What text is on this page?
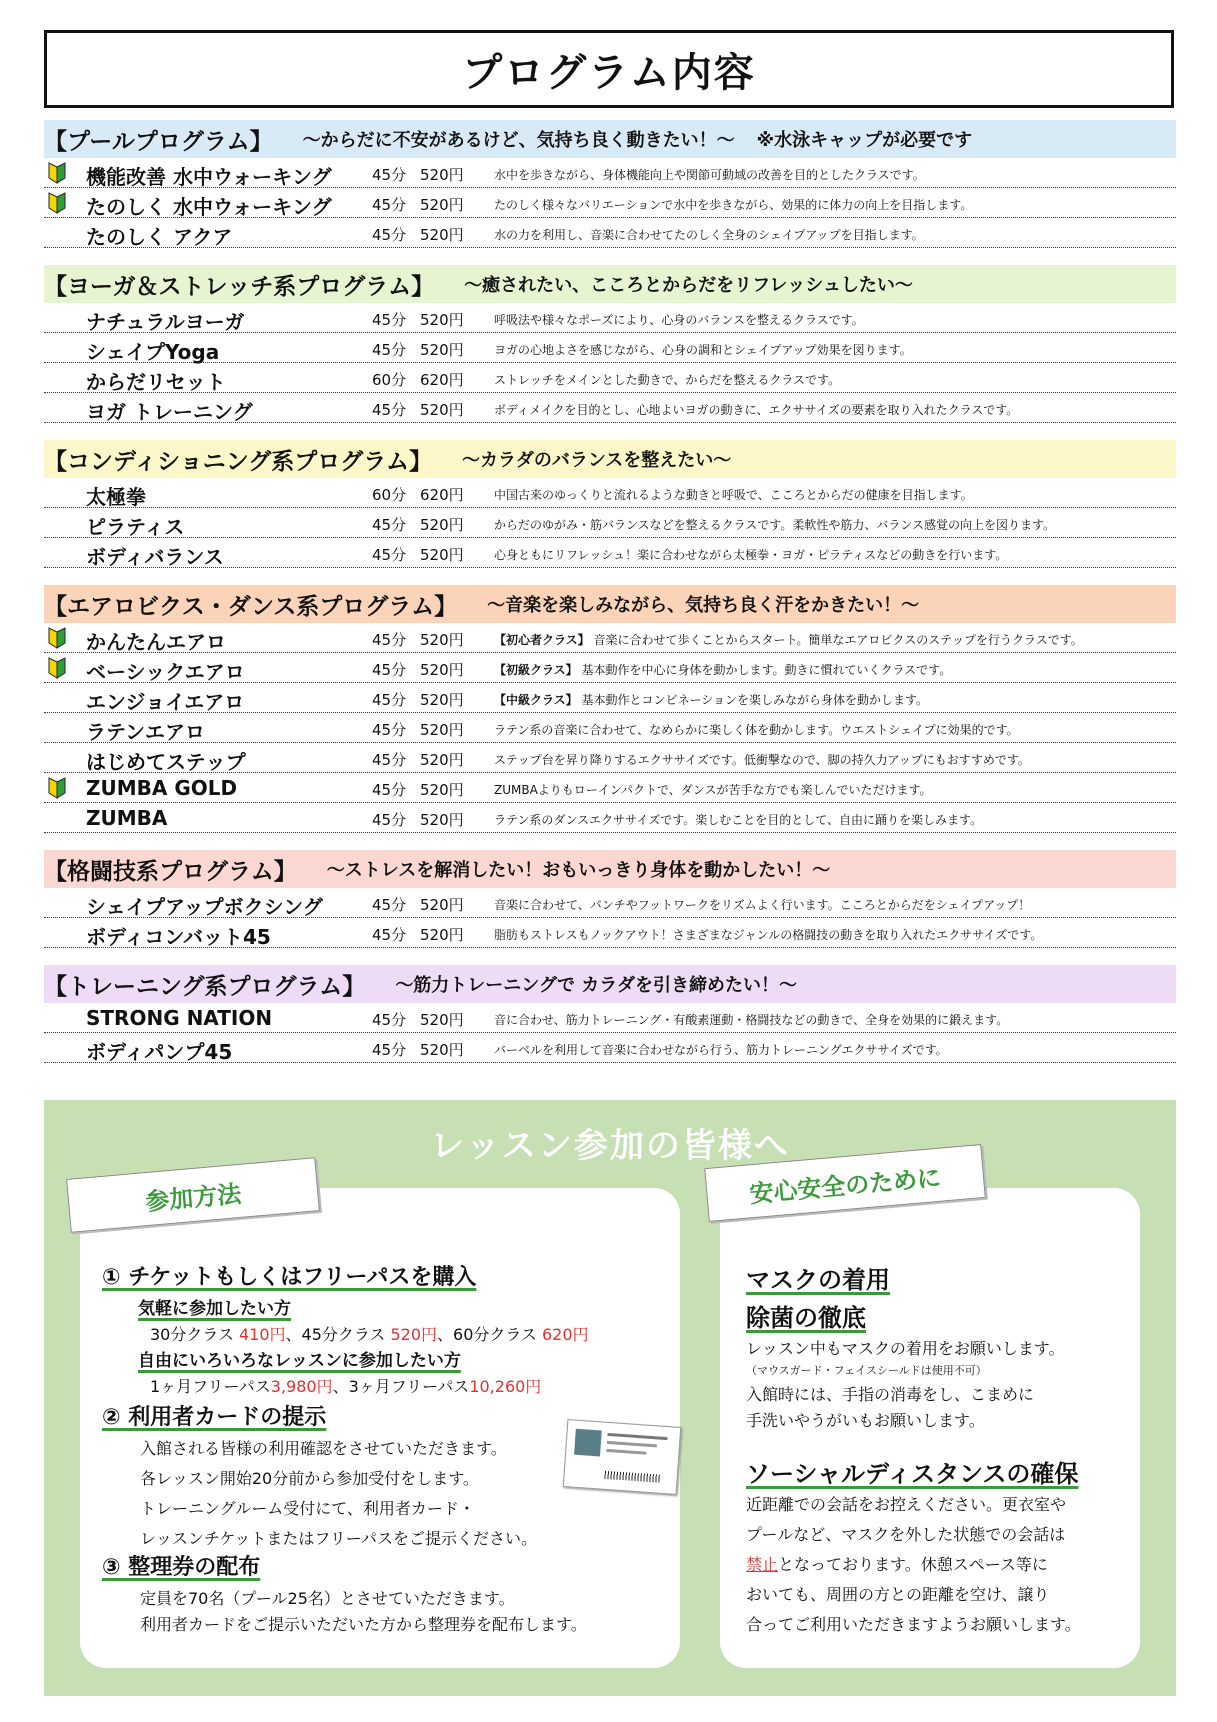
プログラム内容
【プールプログラム】 〜からだに不安があるけど、気持ち良く動きたい！〜 ※水泳キャップが必要です
機能改善 水中ウォーキング	45分 520円	水中を歩きながら、身体機能向上や関節可動域の改善を目的としたクラスです。
たのしく 水中ウォーキング	45分 520円	たのしく様々なバリエーションで水中を歩きながら、効果的に体力の向上を目指します。
たのしく アクア	45分 520円	水の力を利用し、音楽に合わせてたのしく全身のシェイプアップを目指します。
【ヨーガ＆ストレッチ系プログラム】 〜癒されたい、こころとからだをリフレッシュしたい〜
ナチュラルヨーガ	45分 520円	呼吸法や様々なポーズにより、心身のバランスを整えるクラスです。
シェイプYoga	45分 520円	ヨガの心地よさを感じながら、心身の調和とシェイプアップ効果を図ります。
からだリセット	60分 620円	ストレッチをメインとした動きで、からだを整えるクラスです。
ヨガ トレーニング	45分 520円	ボディメイクを目的とし、心地よいヨガの動きに、エクササイズの要素を取り入れたクラスです。
【コンディショニング系プログラム】 〜カラダのバランスを整えたい〜
太極拳	60分 620円	中国古来のゆっくりと流れるような動きと呼吸で、こころとからだの健康を目指します。
ピラティス	45分 520円	からだのゆがみ・筋バランスなどを整えるクラスです。柔軟性や筋力、バランス感覚の向上を図ります。
ボディバランス	45分 520円	心身ともにリフレッシュ！楽に合わせながら太極拳・ヨガ・ピラティスなどの動きを行います。
【エアロビクス・ダンス系プログラム】 〜音楽を楽しみながら、気持ち良く汗をかきたい！〜
かんたんエアロ	45分 520円	【初心者クラス】 音楽に合わせて歩くことからスタート。簡単なエアロビクスのステップを行うクラスです。
ベーシックエアロ	45分 520円	【初級クラス】 基本動作を中心に身体を動かします。動きに慣れていくクラスです。
エンジョイエアロ	45分 520円	【中級クラス】 基本動作とコンビネーションを楽しみながら身体を動かします。
ラテンエアロ	45分 520円	ラテン系の音楽に合わせて、なめらかに楽しく体を動かします。ウエストシェイプに効果的です。
はじめてステップ	45分 520円	ステップ台を昇り降りするエクササイズです。低衝撃なので、脚の持久力アップにもおすすめです。
ZUMBA GOLD	45分 520円	ZUMBAよりもローインパクトで、ダンスが苦手な方でも楽しんでいただけます。
ZUMBA	45分 520円	ラテン系のダンスエクササイズです。楽しむことを目的として、自由に踊りを楽しみます。
【格闘技系プログラム】 〜ストレスを解消したい！おもいっきり身体を動かしたい！〜
シェイプアップボクシング	45分 520円	音楽に合わせて、パンチやフットワークをリズムよく行います。こころとからだをシェイプアップ！
ボディコンバット45	45分 520円	脂肪もストレスもノックアウト！さまざまなジャンルの格闘技の動きを取り入れたエクササイズです。
【トレーニング系プログラム】 〜筋力トレーニングで カラダを引き締めたい！〜
STRONG NATION	45分 520円	音に合わせ、筋力トレーニング・有酸素運動・格闘技などの動きで、全身を効果的に鍛えます。
ボディパンプ45	45分 520円	バーベルを利用して音楽に合わせながら行う、筋力トレーニングエクササイズです。
レッスン参加の皆様へ
① チケットもしくはフリーパスを購入
気軽に参加したい方
30分クラス 410円、45分クラス 520円、60分クラス 620円
自由にいろいろなレッスンに参加したい方
1ヶ月フリーパス3,980円、3ヶ月フリーパス10,260円
② 利用者カードの提示
入館される皆様の利用確認をさせていただきます。
各レッスン開始20分前から参加受付をします。
トレーニングルーム受付にて、利用者カード・
レッスンチケットまたはフリーパスをご提示ください。
③ 整理券の配布
定員を70名（プール25名）とさせていただきます。
利用者カードをご提示いただいた方から整理券を配布します。
参加方法
マスクの着用
除菌の徹底
レッスン中もマスクの着用をお願いします。
（マウスガード・フェイスシールドは使用不可）
入館時には、手指の消毒をし、こまめに
手洗いやうがいもお願いします。
ソーシャルディスタンスの確保
近距離での会話をお控えください。更衣室や
プールなど、マスクを外した状態での会話は
禁止となっております。休憩スペース等に
おいても、周囲の方との距離を空け、譲り
合ってご利用いただきますようお願いします。
安心安全のために
